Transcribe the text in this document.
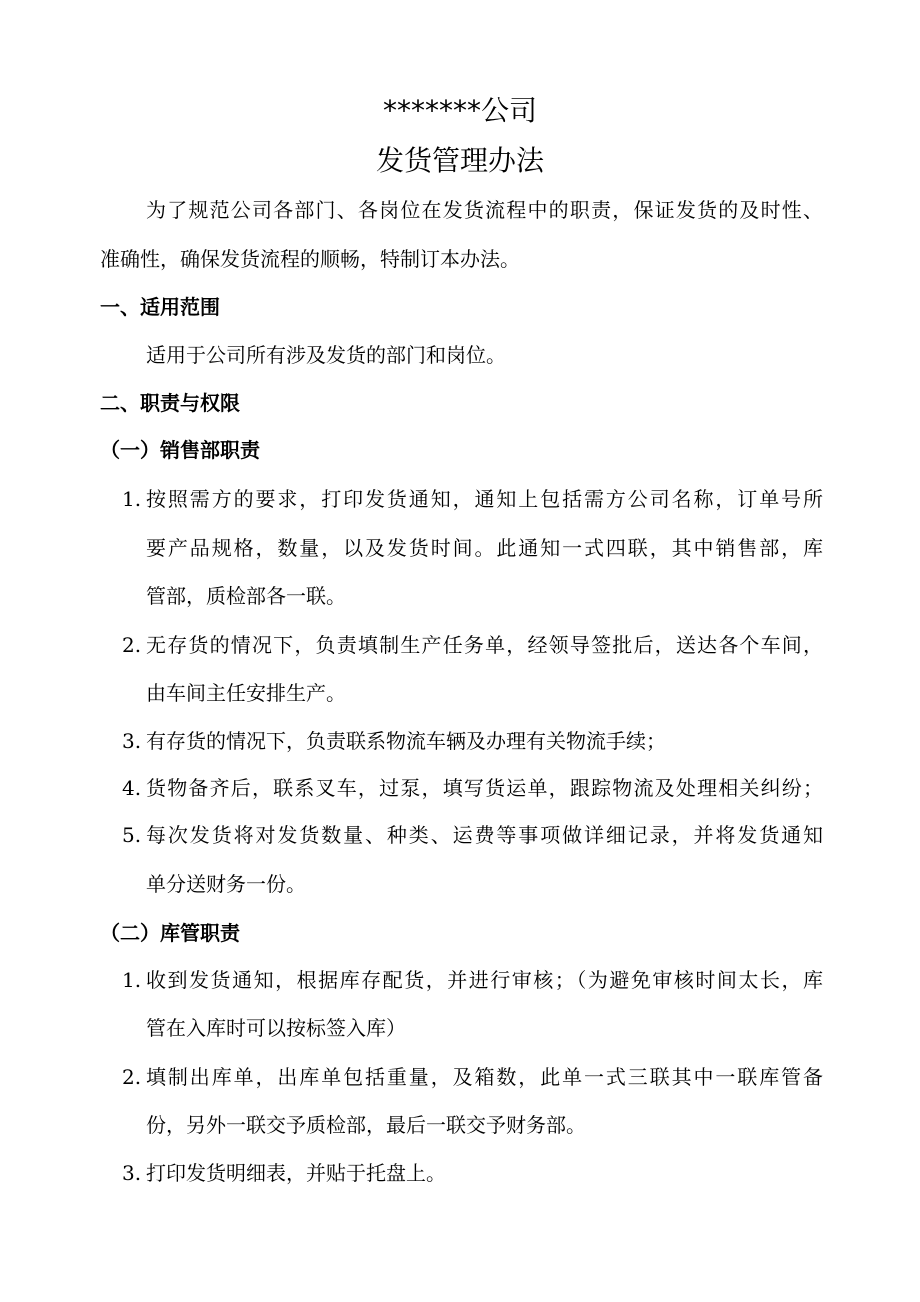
*******公司
发货管理办法
为了规范公司各部门、各岗位在发货流程中的职责，保证发货的及时性、
准确性，确保发货流程的顺畅，特制订本办法。
一、适用范围
适用于公司所有涉及发货的部门和岗位。
二、职责与权限
（一）销售部职责
1. 按照需方的要求，打印发货通知，通知上包括需方公司名称，订单号所
要产品规格，数量，以及发货时间。此通知一式四联，其中销售部，库
管部，质检部各一联。
2. 无存货的情况下，负责填制生产任务单，经领导签批后，送达各个车间，
由车间主任安排生产。
3. 有存货的情况下，负责联系物流车辆及办理有关物流手续；
4. 货物备齐后，联系叉车，过泵，填写货运单，跟踪物流及处理相关纠纷；
5. 每次发货将对发货数量、种类、运费等事项做详细记录，并将发货通知
单分送财务一份。
（二）库管职责
1. 收到发货通知，根据库存配货，并进行审核；（为避免审核时间太长，库
管在入库时可以按标签入库）
2. 填制出库单，出库单包括重量，及箱数，此单一式三联其中一联库管备
份，另外一联交予质检部，最后一联交予财务部。
3. 打印发货明细表，并贴于托盘上。
